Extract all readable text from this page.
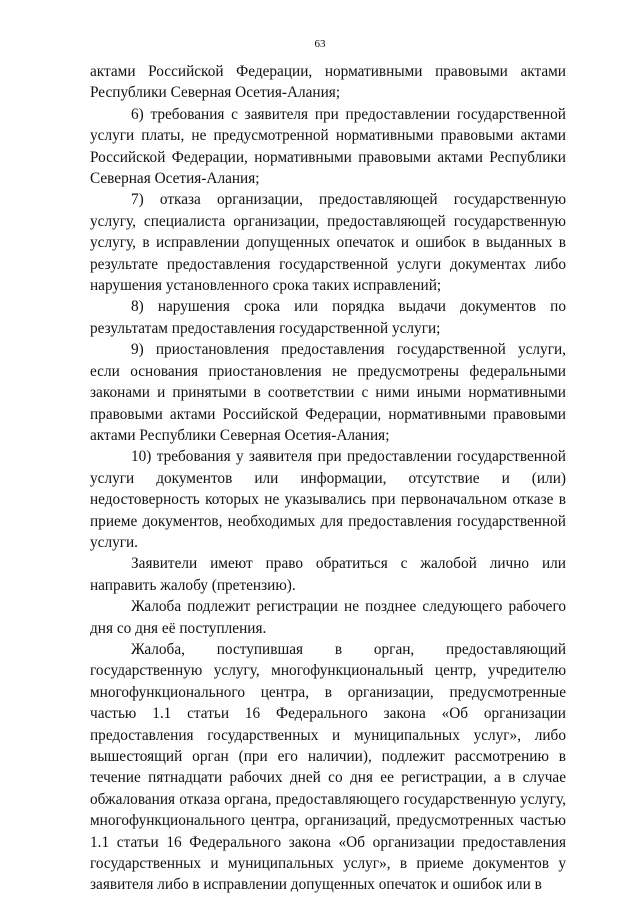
63

актами Российской Федерации, нормативными правовыми актами Республики Северная Осетия-Алания;

6) требования с заявителя при предоставлении государственной услуги платы, не предусмотренной нормативными правовыми актами Российской Федерации, нормативными правовыми актами Республики Северная Осетия-Алания;

7) отказа организации, предоставляющей государственную услугу, специалиста организации, предоставляющей государственную услугу, в исправлении допущенных опечаток и ошибок в выданных в результате предоставления государственной услуги документах либо нарушения установленного срока таких исправлений;

8) нарушения срока или порядка выдачи документов по результатам предоставления государственной услуги;

9) приостановления предоставления государственной услуги, если основания приостановления не предусмотрены федеральными законами и принятыми в соответствии с ними иными нормативными правовыми актами Российской Федерации, нормативными правовыми актами Республики Северная Осетия-Алания;

10) требования у заявителя при предоставлении государственной услуги документов или информации, отсутствие и (или) недостоверность которых не указывались при первоначальном отказе в приеме документов, необходимых для предоставления государственной услуги.

Заявители имеют право обратиться с жалобой лично или направить жалобу (претензию).

Жалоба подлежит регистрации не позднее следующего рабочего дня со дня её поступления.

Жалоба, поступившая в орган, предоставляющий государственную услугу, многофункциональный центр, учредителю многофункционального центра, в организации, предусмотренные частью 1.1 статьи 16 Федерального закона «Об организации предоставления государственных и муниципальных услуг», либо вышестоящий орган (при его наличии), подлежит рассмотрению в течение пятнадцати рабочих дней со дня ее регистрации, а в случае обжалования отказа органа, предоставляющего государственную услугу, многофункционального центра, организаций, предусмотренных частью 1.1 статьи 16 Федерального закона «Об организации предоставления государственных и муниципальных услуг», в приеме документов у заявителя либо в исправлении допущенных опечаток и ошибок или в
